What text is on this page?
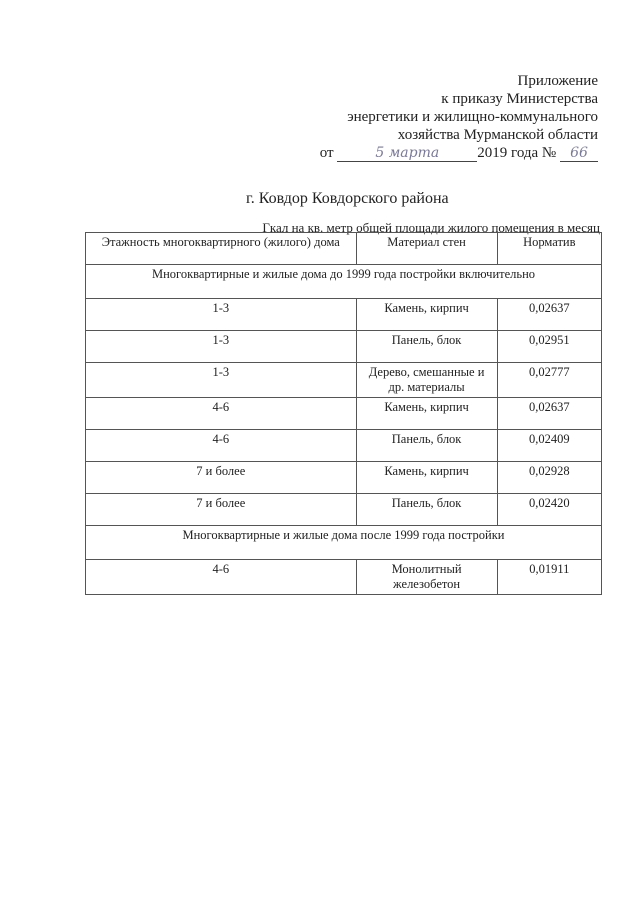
Приложение
к приказу Министерства
энергетики и жилищно-коммунального
хозяйства Мурманской области
от
	5 марта	2019 года №
66
г. Ковдор Ковдорского района
Гкал на кв. метр общей площади жилого помещения в месяц
Этажность многоквартирного (жилого) дома	Материал стен	Норматив
Многоквартирные и жилые дома до 1999 года постройки включительно		
1-3	Камень, кирпич	0,02637
1-3	Панель, блок	0,02951
1-3	Дерево, смешанные и др. материалы	0,02777
4-6	Камень, кирпич	0,02637
4-6	Панель, блок	0,02409
7 и более	Камень, кирпич	0,02928
7 и более	Панель, блок	0,02420
Многоквартирные и жилые дома после 1999 года постройки		
4-6	Монолитный железобетон	0,01911
